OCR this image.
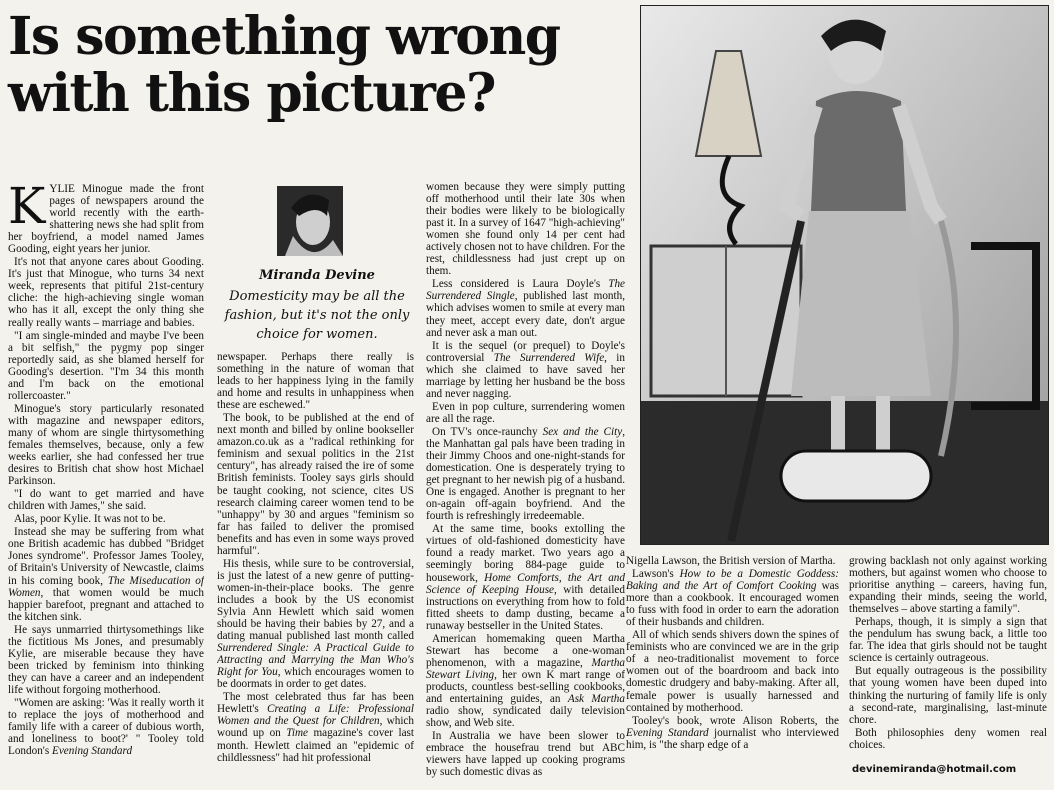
Is something wrong with this picture?

KYLIE Minogue made the front pages of newspapers around the world recently with the earth-shattering news she had split from her boyfriend, a model named James Gooding, eight years her junior.

It's not that anyone cares about Gooding. It's just that Minogue, who turns 34 next week, represents that pitiful 21st-century cliche: the high-achieving single woman who has it all, except the only thing she really really wants – marriage and babies.

"I am single-minded and maybe I've been a bit selfish," the pygmy pop singer reportedly said, as she blamed herself for Gooding's desertion. "I'm 34 this month and I'm back on the emotional rollercoaster."

Minogue's story particularly resonated with magazine and newspaper editors, many of whom are single thirtysomething females themselves, because, only a few weeks earlier, she had confessed her true desires to British chat show host Michael Parkinson.

"I do want to get married and have children with James," she said.

Alas, poor Kylie. It was not to be.

Instead she may be suffering from what one British academic has dubbed "Bridget Jones syndrome". Professor James Tooley, of Britain's University of Newcastle, claims in his coming book, The Miseducation of Women, that women would be much happier barefoot, pregnant and attached to the kitchen sink.

He says unmarried thirtysomethings like the fictitious Ms Jones, and presumably Kylie, are miserable because they have been tricked by feminism into thinking they can have a career and an independent life without forgoing motherhood.

"Women are asking: 'Was it really worth it to replace the joys of motherhood and family life with a career of dubious worth, and loneliness to boot?' " Tooley told London's Evening Standard

Miranda Devine
Domesticity may be all the fashion, but it's not the only choice for women.

newspaper. Perhaps there really is something in the nature of woman that leads to her happiness lying in the family and home and results in unhappiness when these are eschewed."

The book, to be published at the end of next month and billed by online bookseller amazon.co.uk as a "radical rethinking for feminism and sexual politics in the 21st century", has already raised the ire of some British feminists. Tooley says girls should be taught cooking, not science, cites US research claiming career women tend to be "unhappy" by 30 and argues "feminism so far has failed to deliver the promised benefits and has even in some ways proved harmful".

His thesis, while sure to be controversial, is just the latest of a new genre of putting-women-in-their-place books. The genre includes a book by the US economist Sylvia Ann Hewlett which said women should be having their babies by 27, and a dating manual published last month called Surrendered Single: A Practical Guide to Attracting and Marrying the Man Who's Right for You, which encourages women to be doormats in order to get dates.

The most celebrated thus far has been Hewlett's Creating a Life: Professional Women and the Quest for Children, which wound up on Time magazine's cover last month. Hewlett claimed an "epidemic of childlessness" had hit professional

women because they were simply putting off motherhood until their late 30s when their bodies were likely to be biologically past it. In a survey of 1647 "high-achieving" women she found only 14 per cent had actively chosen not to have children. For the rest, childlessness had just crept up on them.

Less considered is Laura Doyle's The Surrendered Single, published last month, which advises women to smile at every man they meet, accept every date, don't argue and never ask a man out.

It is the sequel (or prequel) to Doyle's controversial The Surrendered Wife, in which she claimed to have saved her marriage by letting her husband be the boss and never nagging.

Even in pop culture, surrendering women are all the rage.

On TV's once-raunchy Sex and the City, the Manhattan gal pals have been trading in their Jimmy Choos and one-night-stands for domestication. One is desperately trying to get pregnant to her newish pig of a husband. One is engaged. Another is pregnant to her on-again off-again boyfriend. And the fourth is refreshingly irredeemable.

At the same time, books extolling the virtues of old-fashioned domesticity have found a ready market. Two years ago a seemingly boring 884-page guide to housework, Home Comforts, the Art and Science of Keeping House, with detailed instructions on everything from how to fold fitted sheets to damp dusting, became a runaway bestseller in the United States.

American homemaking queen Martha Stewart has become a one-woman phenomenon, with a magazine, Martha Stewart Living, her own K mart range of products, countless best-selling cookbooks, and entertaining guides, an Ask Martha radio show, syndicated daily television show, and Web site.

In Australia we have been slower to embrace the housefrau trend but ABC viewers have lapped up cooking programs by such domestic divas as

Nigella Lawson, the British version of Martha.

Lawson's How to be a Domestic Goddess: Baking and the Art of Comfort Cooking was more than a cookbook. It encouraged women to fuss with food in order to earn the adoration of their husbands and children.

All of which sends shivers down the spines of feminists who are convinced we are in the grip of a neo-traditionalist movement to force women out of the boardroom and back into domestic drudgery and baby-making. After all, female power is usually harnessed and contained by motherhood.

Tooley's book, wrote Alison Roberts, the Evening Standard journalist who interviewed him, is "the sharp edge of a

growing backlash not only against working mothers, but against women who choose to prioritise anything – careers, having fun, expanding their minds, seeing the world, themselves – above starting a family".

Perhaps, though, it is simply a sign that the pendulum has swung back, a little too far. The idea that girls should not be taught science is certainly outrageous.

But equally outrageous is the possibility that young women have been duped into thinking the nurturing of family life is only a second-rate, marginalising, last-minute chore.

Both philosophies deny women real choices.

devinemiranda@hotmail.com
